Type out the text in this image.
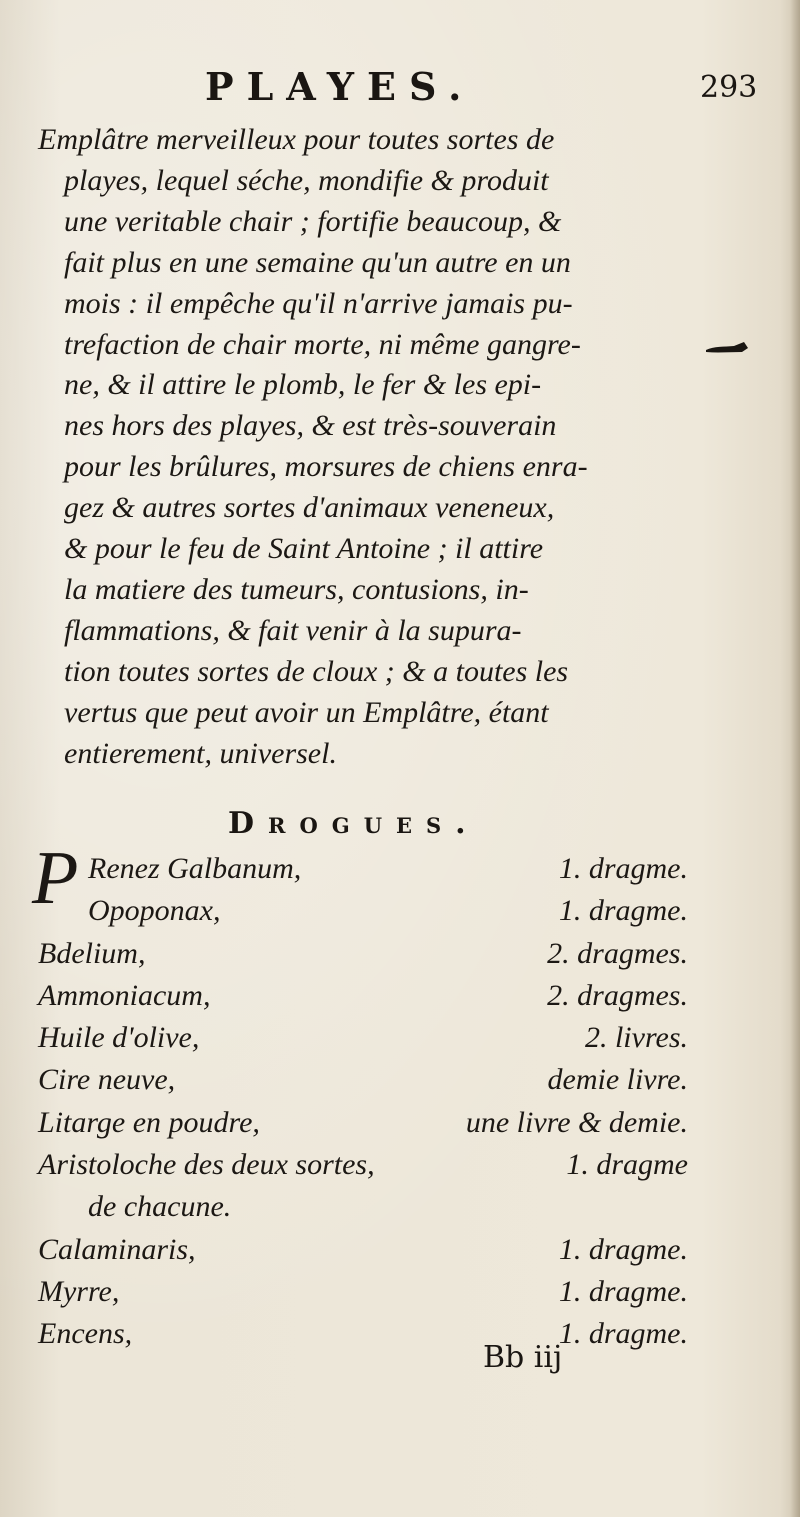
PLAYES.	293
Emplâtre merveilleux pour toutes sortes de
playes, lequel séche, mondifie & produit
une veritable chair ; fortifie beaucoup, &
fait plus en une semaine qu'un autre en un
mois : il empêche qu'il n'arrive jamais pu-
trefaction de chair morte, ni même gangre-
ne, & il attire le plomb, le fer & les epi-
nes hors des playes, & est très-souverain
pour les brûlures, morsures de chiens enra-
gez & autres sortes d'animaux veneneux,
& pour le feu de Saint Antoine ; il attire
la matiere des tumeurs, contusions, in-
flammations, & fait venir à la supura-
tion toutes sortes de cloux ; & a toutes les
vertus que peut avoir un Emplâtre, étant
entierement, universel.
Drogues.
P Renez Galbanum,	1. dragme.
Opoponax,	1. dragme.
Bdelium,	2. dragmes.
Ammoniacum,	2. dragmes.
Huile d'olive,	2. livres.
Cire neuve,	demie livre.
Litarge en poudre,	une livre & demie.
Aristoloche des deux sortes,	1. dragme
de chacune.
Calaminaris,	1. dragme.
Myrre,	1. dragme.
Encens,	1. dragme.
Bb iij
